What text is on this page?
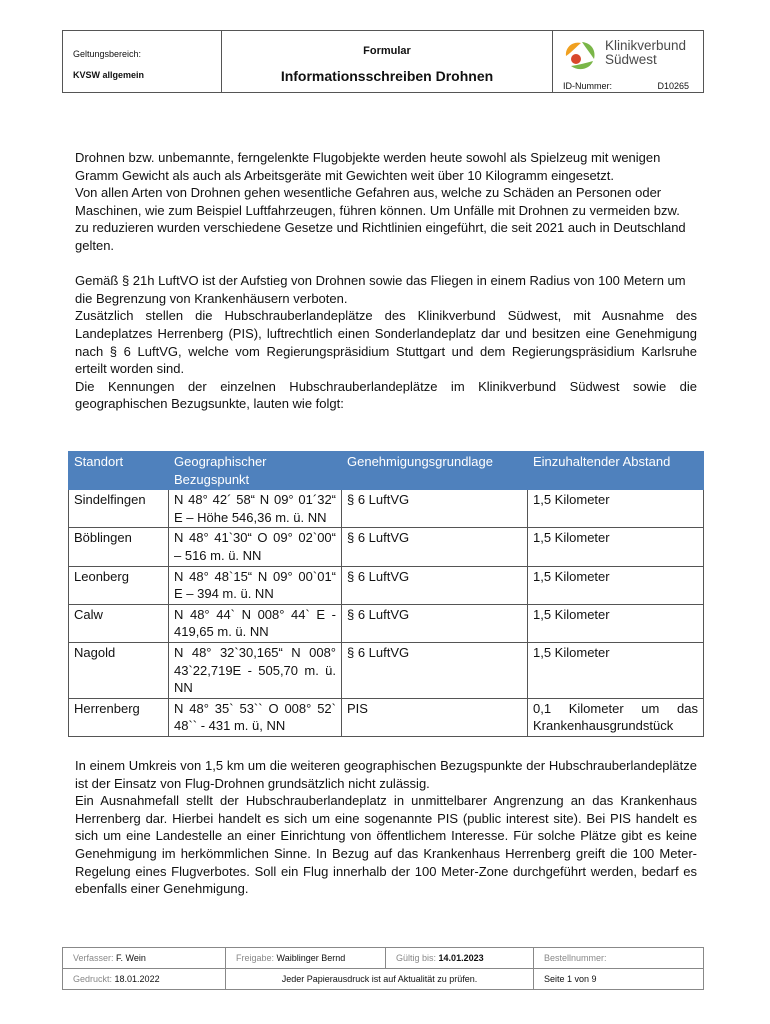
Geltungsbereich:
KVSW allgemein
Formular
Informationsschreiben Drohnen
Klinikverbund
Südwest
ID-Nummer:	D10265

Drohnen bzw. unbemannte, ferngelenkte Flugobjekte werden heute sowohl als Spielzeug mit wenigen Gramm Gewicht als auch als Arbeitsgeräte mit Gewichten weit über 10 Kilogramm eingesetzt.

Von allen Arten von Drohnen gehen wesentliche Gefahren aus, welche zu Schäden an Personen oder Maschinen, wie zum Beispiel Luftfahrzeugen, führen können. Um Unfälle mit Drohnen zu vermeiden bzw. zu reduzieren wurden verschiedene Gesetze und Richtlinien eingeführt, die seit 2021 auch in Deutschland gelten.

Gemäß § 21h LuftVO ist der Aufstieg von Drohnen sowie das Fliegen in einem Radius von 100 Metern um die Begrenzung von Krankenhäusern verboten.

Zusätzlich stellen die Hubschrauberlandeplätze des Klinikverbund Südwest, mit Ausnahme des Landeplatzes Herrenberg (PIS), luftrechtlich einen Sonderlandeplatz dar und besitzen eine Genehmigung nach § 6 LuftVG, welche vom Regierungspräsidium Stuttgart und dem Regierungspräsidium Karlsruhe erteilt worden sind.

Die Kennungen der einzelnen Hubschrauberlandeplätze im Klinikverbund Südwest sowie die geographischen Bezugsunkte, lauten wie folgt:

Standort	Geographischer Bezugspunkt	Genehmigungsgrundlage	Einzuhaltender Abstand
Sindelfingen	N 48° 42´ 58“ N 09° 01´32“ E – Höhe 546,36 m. ü. NN	§ 6 LuftVG	1,5 Kilometer
Böblingen	N 48° 41`30“ O 09° 02`00“ – 516 m. ü. NN	§ 6 LuftVG	1,5 Kilometer
Leonberg	N 48° 48`15“ N 09° 00`01“ E – 394 m. ü. NN	§ 6 LuftVG	1,5 Kilometer
Calw	N 48° 44` N 008° 44` E - 419,65 m. ü. NN	§ 6 LuftVG	1,5 Kilometer
Nagold	N 48° 32`30,165“ N 008° 43`22,719E - 505,70 m. ü. NN	§ 6 LuftVG	1,5 Kilometer
Herrenberg	N 48° 35` 53`` O 008° 52` 48`` - 431 m. ü, NN	PIS	0,1 Kilometer um das Krankenhausgrundstück

In einem Umkreis von 1,5 km um die weiteren geographischen Bezugspunkte der Hubschrauberlandeplätze ist der Einsatz von Flug-Drohnen grundsätzlich nicht zulässig.

Ein Ausnahmefall stellt der Hubschrauberlandeplatz in unmittelbarer Angrenzung an das Krankenhaus Herrenberg dar. Hierbei handelt es sich um eine sogenannte PIS (public interest site). Bei PIS handelt es sich um eine Landestelle an einer Einrichtung von öffentlichem Interesse. Für solche Plätze gibt es keine Genehmigung im herkömmlichen Sinne. In Bezug auf das Krankenhaus Herrenberg greift die 100 Meter-Regelung eines Flugverbotes. Soll ein Flug innerhalb der 100 Meter-Zone durchgeführt werden, bedarf es ebenfalls einer Genehmigung.

Verfasser: F. Wein	Freigabe: Waiblinger Bernd	Gültig bis: 14.01.2023	Bestellnummer:
Gedruckt: 18.01.2022	Jeder Papierausdruck ist auf Aktualität zu prüfen.		Seite 1 von 9
